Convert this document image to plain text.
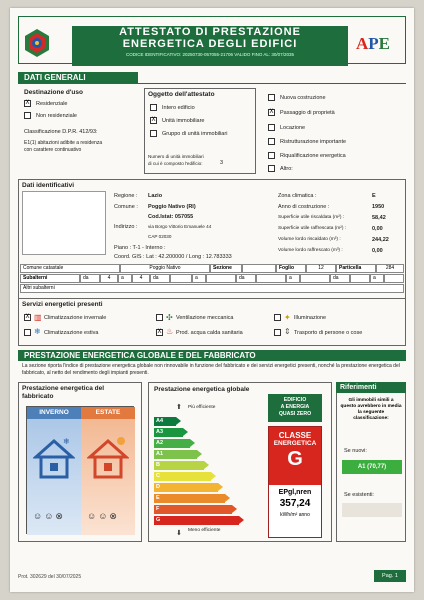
ATTESTATO DI PRESTAZIONE
ENERGETICA DEGLI EDIFICI
CODICE IDENTIFICATIVO: 20250730-057055-21706 VALIDO FINO AL: 30/07/2035
APE
DATI GENERALI
Destinazione d'uso
X Residenziale
Non residenziale
Classificazione D.P.R. 412/93:
E1(1) abitazioni adibite a residenza
con carattere continuativo
Oggetto dell'attestato
Intero edificio
X Unità immobiliare
Gruppo di unità immobiliari
Numero di unità immobiliari
di cui è composto l'edificio:	3
Nuova costruzione
X Passaggio di proprietà
Locazione
Ristrutturazione importante
Riqualificazione energetica
Altro:
Dati identificativi
Regione : Lazio
Comune : Poggio Nativo (RI)
Cod.Istat: 057055
Indirizzo : via Borgo Vittorio Emanuele 44
CAP 02030
Piano : T-1 - Interno :
Coord. GIS : Lat : 42.200000 / Long : 12.783333
Zona climatica :	E
Anno di costruzione :	1950
Superficie utile riscaldata (m²) :	58,42
Superficie utile raffrescata (m²) :	0,00
Volume lordo riscaldato (m³) :	244,22
Volume lordo raffrescato (m³) :	0,00
Comune catastale	Poggio Nativo	Sezione	Foglio	12	Particella	284
Subalterni	da	4	a	4	da	a	da	a	da	a
Altri subalterni
Servizi energetici presenti
X ▥ Climatizzazione invernale
❄ Climatizzazione estiva
✣ Ventilazione meccanica
X ♨ Prod. acqua calda sanitaria
✦ Illuminazione
⇕ Trasporto di persone o cose
PRESTAZIONE ENERGETICA GLOBALE E DEL FABBRICATO
La sezione riporta l'indice di prestazione energetica globale non rinnovabile in funzione del fabbricato e dei servizi energetici presenti, nonché la prestazione energetica del fabbricato, al netto del rendimento degli impianti presenti.
Prestazione energetica del
fabbricato
INVERNO	ESTATE
❄
☺☺⊗ ☺☺⊗
Prestazione energetica globale
⬆ Più efficiente
A4
A3
A2
A1
B
C
D
E
F
G
⬇ Meno efficiente
EDIFICIO
A ENERGIA
QUASI ZERO
CLASSE
ENERGETICA
G
EPgl,nren
357,24
kWh/m² anno
Riferimenti
Gli immobili simili a questo avrebbero in media la seguente classificazione:
Se nuovi:
A1 (70,77)
Se esistenti:
Prot. 302629 del 30/07/2025	Pag. 1
